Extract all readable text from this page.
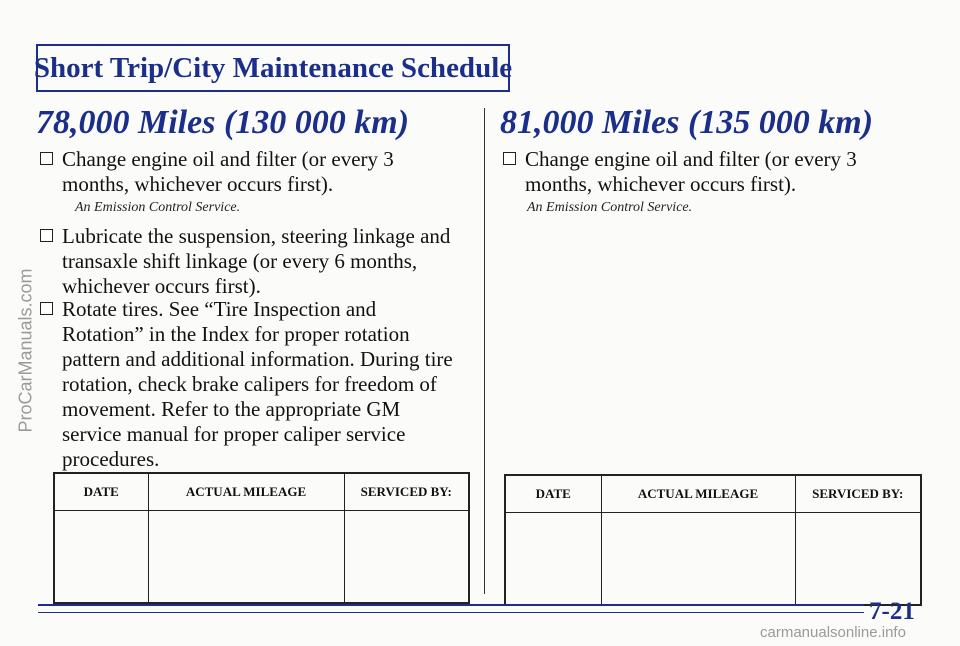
Short Trip/City Maintenance Schedule
78,000 Miles (130 000 km)
Change engine oil and filter (or every 3 months, whichever occurs first).
An Emission Control Service.
Lubricate the suspension, steering linkage and transaxle shift linkage (or every 6 months, whichever occurs first).
Rotate tires. See “Tire Inspection and Rotation” in the Index for proper rotation pattern and additional information. During tire rotation, check brake calipers for freedom of movement. Refer to the appropriate GM service manual for proper caliper service procedures.
DATE	ACTUAL MILEAGE	SERVICED BY:

81,000 Miles (135 000 km)
Change engine oil and filter (or every 3 months, whichever occurs first).
An Emission Control Service.
DATE	ACTUAL MILEAGE	SERVICED BY:

7-21
ProCarManuals.com
carmanualsonline.info
